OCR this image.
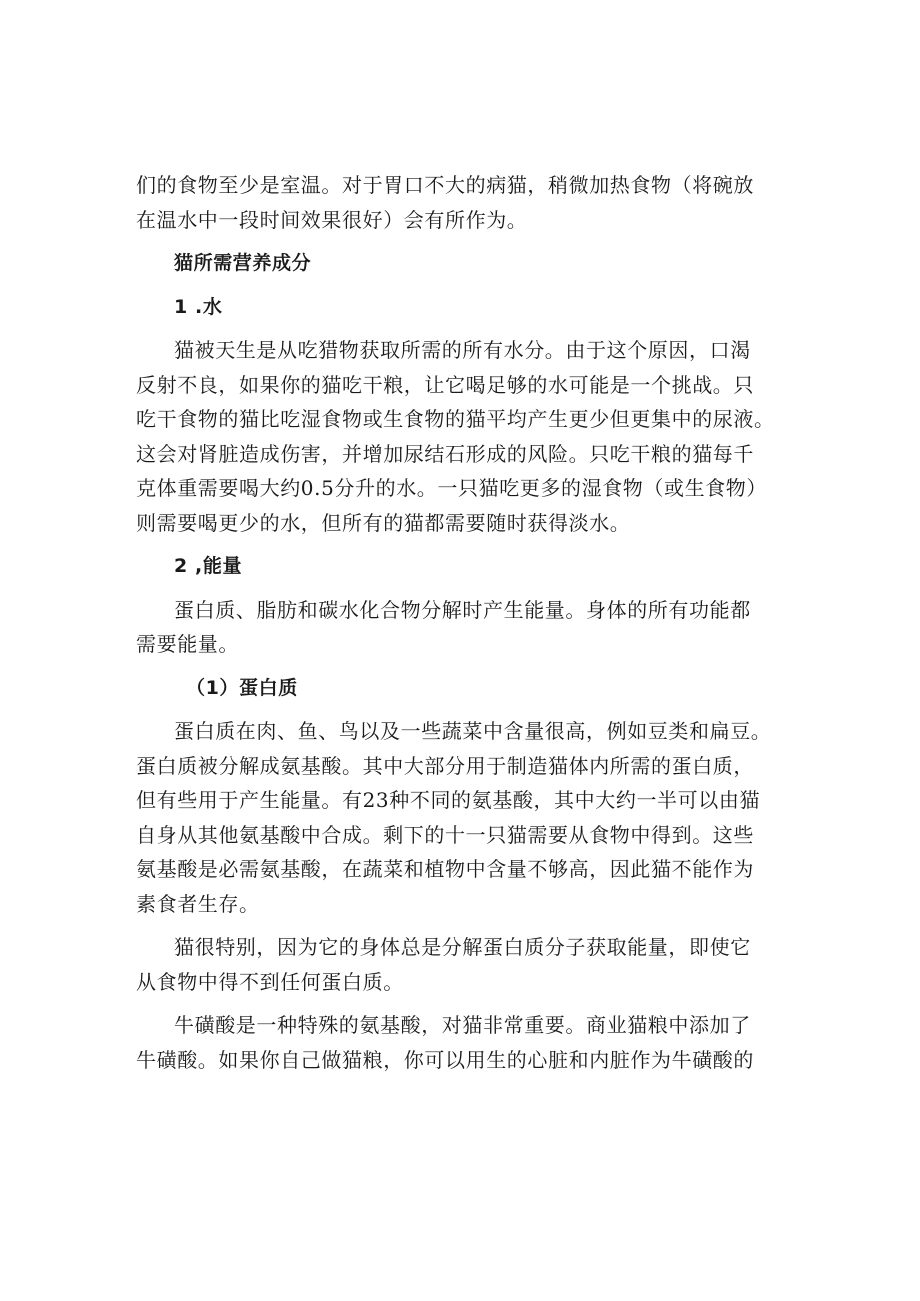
们的食物至少是室温。对于胃口不大的病猫，稍微加热食物（将碗放
在温水中一段时间效果很好）会有所作为。
猫所需营养成分
1 .水
猫被天生是从吃猎物获取所需的所有水分。由于这个原因，口渴
反射不良，如果你的猫吃干粮，让它喝足够的水可能是一个挑战。只
吃干食物的猫比吃湿食物或生食物的猫平均产生更少但更集中的尿液。
这会对肾脏造成伤害，并增加尿结石形成的风险。只吃干粮的猫每千
克体重需要喝大约0.5分升的水。一只猫吃更多的湿食物（或生食物）
则需要喝更少的水，但所有的猫都需要随时获得淡水。
2 ,能量
蛋白质、脂肪和碳水化合物分解时产生能量。身体的所有功能都
需要能量。
（1）蛋白质
蛋白质在肉、鱼、鸟以及一些蔬菜中含量很高，例如豆类和扁豆。
蛋白质被分解成氨基酸。其中大部分用于制造猫体内所需的蛋白质，
但有些用于产生能量。有23种不同的氨基酸，其中大约一半可以由猫
自身从其他氨基酸中合成。剩下的十一只猫需要从食物中得到。这些
氨基酸是必需氨基酸，在蔬菜和植物中含量不够高，因此猫不能作为
素食者生存。
猫很特别，因为它的身体总是分解蛋白质分子获取能量，即使它
从食物中得不到任何蛋白质。
牛磺酸是一种特殊的氨基酸，对猫非常重要。商业猫粮中添加了
牛磺酸。如果你自己做猫粮，你可以用生的心脏和内脏作为牛磺酸的
